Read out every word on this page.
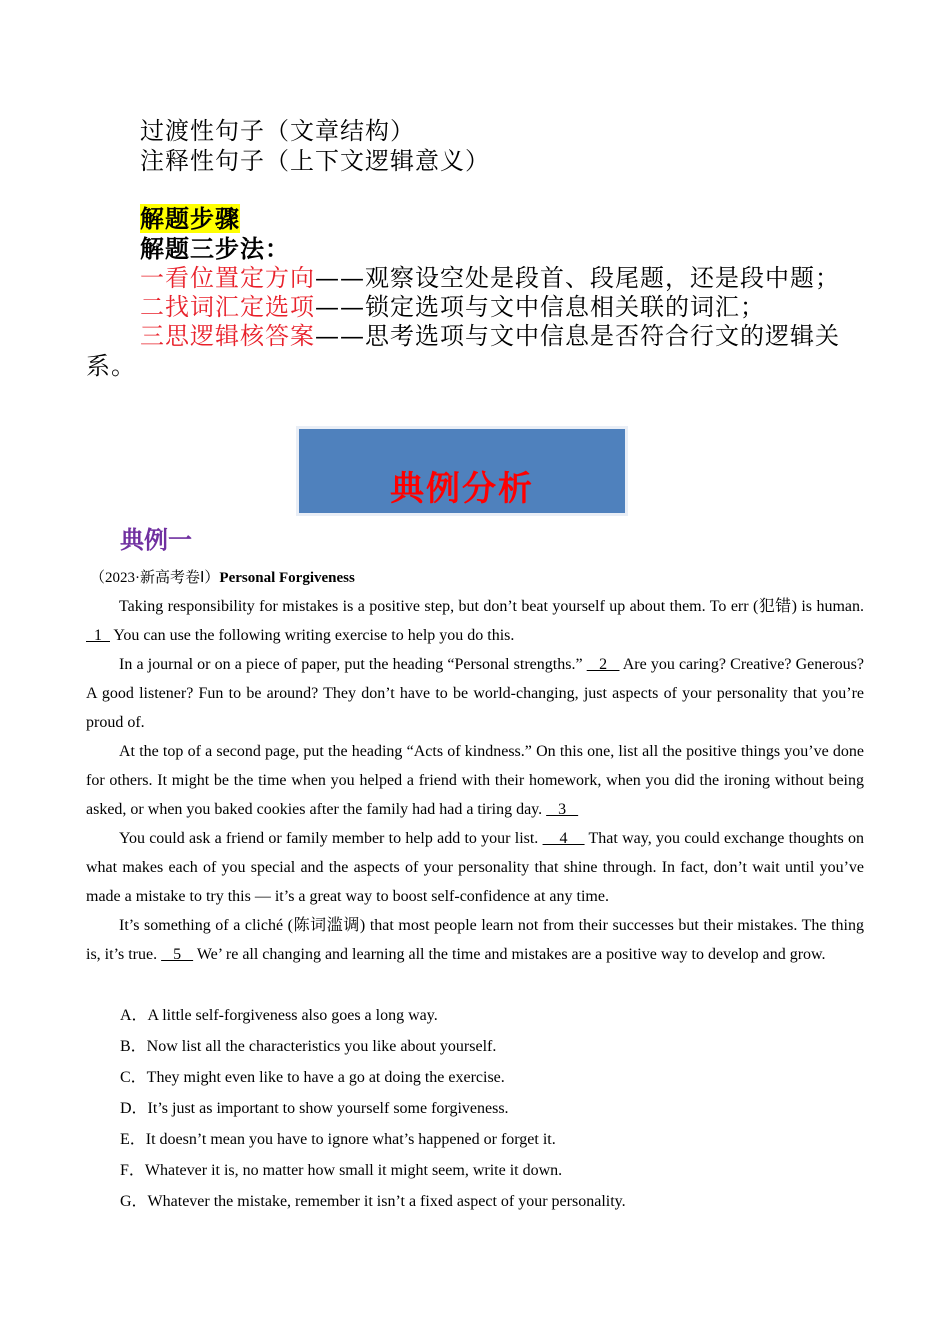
过渡性句子（文章结构）
注释性句子（上下文逻辑意义）
解题步骤
解题三步法：
一看位置定方向——观察设空处是段首、段尾题，还是段中题；
二找词汇定选项——锁定选项与文中信息相关联的词汇；
三思逻辑核答案——思考选项与文中信息是否符合行文的逻辑关系。
典例分析
典例一
（2023·新高考卷Ⅰ）Personal Forgiveness

Taking responsibility for mistakes is a positive step, but don’t beat yourself up about them. To err (犯错) is human.   1   You can use the following writing exercise to help you do this.

In a journal or on a piece of paper, put the heading “Personal strengths.”    2    Are you caring? Creative? Generous? A good listener? Fun to be around? They don’t have to be world-changing, just aspects of your personality that you’re proud of.

At the top of a second page, put the heading “Acts of kindness.” On this one, list all the positive things you’ve done for others. It might be the time when you helped a friend with their homework, when you did the ironing without being asked, or when you baked cookies after the family had had a tiring day.    3

You could ask a friend or family member to help add to your list.     4     That way, you could exchange thoughts on what makes each of you special and the aspects of your personality that shine through. In fact, don’t wait until you’ve made a mistake to try this — it’s a great way to boost self-confidence at any time.

It’s something of a cliché (陈词滥调) that most people learn not from their successes but their mistakes. The thing is, it’s true.    5    We’ re all changing and learning all the time and mistakes are a positive way to develop and grow.

A．A little self-forgiveness also goes a long way.
B．Now list all the characteristics you like about yourself.
C．They might even like to have a go at doing the exercise.
D．It’s just as important to show yourself some forgiveness.
E．It doesn’t mean you have to ignore what’s happened or forget it.
F．Whatever it is, no matter how small it might seem, write it down.
G．Whatever the mistake, remember it isn’t a fixed aspect of your personality.
